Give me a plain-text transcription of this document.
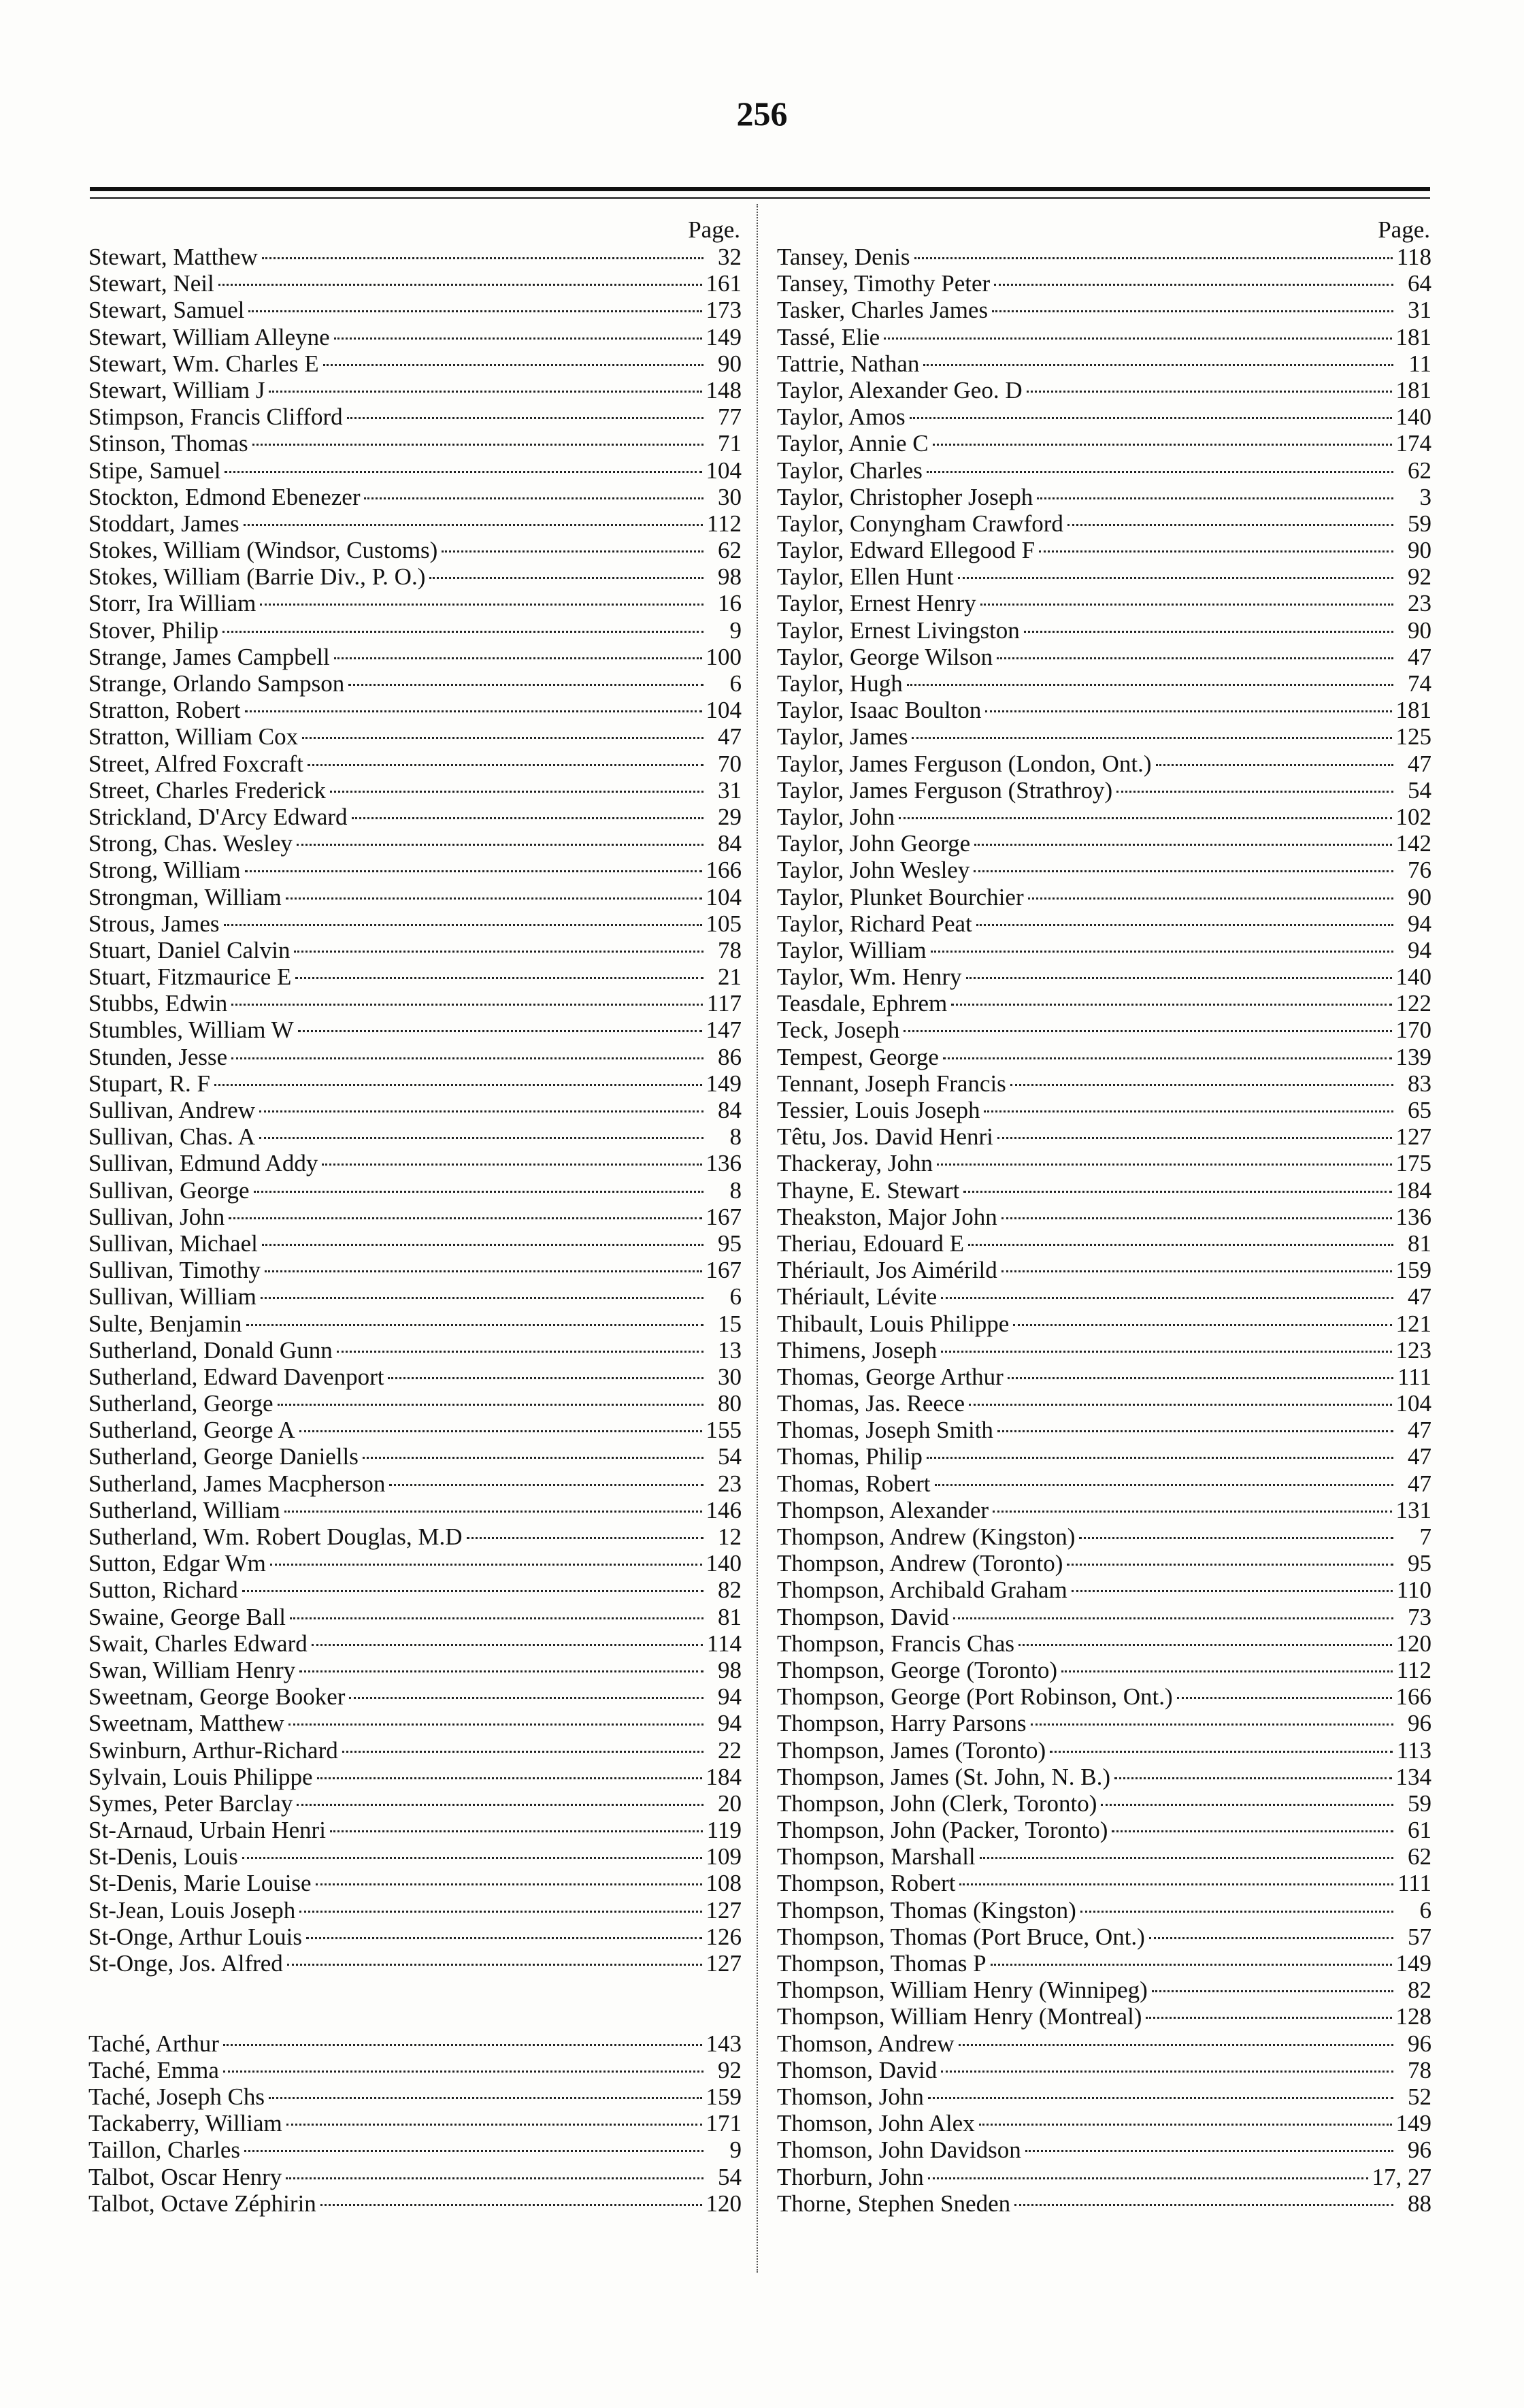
256
Page.
Stewart, Matthew	32
Stewart, Neil	161
Stewart, Samuel	173
Stewart, William Alleyne	149
Stewart, Wm. Charles E	90
Stewart, William J	148
Stimpson, Francis Clifford	77
Stinson, Thomas	71
Stipe, Samuel	104
Stockton, Edmond Ebenezer	30
Stoddart, James	112
Stokes, William (Windsor, Customs)	62
Stokes, William (Barrie Div., P. O.)	98
Storr, Ira William	16
Stover, Philip	9
Strange, James Campbell	100
Strange, Orlando Sampson	6
Stratton, Robert	104
Stratton, William Cox	47
Street, Alfred Foxcraft	70
Street, Charles Frederick	31
Strickland, D'Arcy Edward	29
Strong, Chas. Wesley	84
Strong, William	166
Strongman, William	104
Strous, James	105
Stuart, Daniel Calvin	78
Stuart, Fitzmaurice E	21
Stubbs, Edwin	117
Stumbles, William W	147
Stunden, Jesse	86
Stupart, R. F	149
Sullivan, Andrew	84
Sullivan, Chas. A	8
Sullivan, Edmund Addy	136
Sullivan, George	8
Sullivan, John	167
Sullivan, Michael	95
Sullivan, Timothy	167
Sullivan, William	6
Sulte, Benjamin	15
Sutherland, Donald Gunn	13
Sutherland, Edward Davenport	30
Sutherland, George	80
Sutherland, George A	155
Sutherland, George Daniells	54
Sutherland, James Macpherson	23
Sutherland, William	146
Sutherland, Wm. Robert Douglas, M.D	12
Sutton, Edgar Wm	140
Sutton, Richard	82
Swaine, George Ball	81
Swait, Charles Edward	114
Swan, William Henry	98
Sweetnam, George Booker	94
Sweetnam, Matthew	94
Swinburn, Arthur-Richard	22
Sylvain, Louis Philippe	184
Symes, Peter Barclay	20
St-Arnaud, Urbain Henri	119
St-Denis, Louis	109
St-Denis, Marie Louise	108
St-Jean, Louis Joseph	127
St-Onge, Arthur Louis	126
St-Onge, Jos. Alfred	127
Taché, Arthur	143
Taché, Emma	92
Taché, Joseph Chs	159
Tackaberry, William	171
Taillon, Charles	9
Talbot, Oscar Henry	54
Talbot, Octave Zéphirin	120
Page.
Tansey, Denis	118
Tansey, Timothy Peter	64
Tasker, Charles James	31
Tassé, Elie	181
Tattrie, Nathan	11
Taylor, Alexander Geo. D	181
Taylor, Amos	140
Taylor, Annie C	174
Taylor, Charles	62
Taylor, Christopher Joseph	3
Taylor, Conyngham Crawford	59
Taylor, Edward Ellegood F	90
Taylor, Ellen Hunt	92
Taylor, Ernest Henry	23
Taylor, Ernest Livingston	90
Taylor, George Wilson	47
Taylor, Hugh	74
Taylor, Isaac Boulton	181
Taylor, James	125
Taylor, James Ferguson (London, Ont.)	47
Taylor, James Ferguson (Strathroy)	54
Taylor, John	102
Taylor, John George	142
Taylor, John Wesley	76
Taylor, Plunket Bourchier	90
Taylor, Richard Peat	94
Taylor, William	94
Taylor, Wm. Henry	140
Teasdale, Ephrem	122
Teck, Joseph	170
Tempest, George	139
Tennant, Joseph Francis	83
Tessier, Louis Joseph	65
Têtu, Jos. David Henri	127
Thackeray, John	175
Thayne, E. Stewart	184
Theakston, Major John	136
Theriau, Edouard E	81
Thériault, Jos Aimérild	159
Thériault, Lévite	47
Thibault, Louis Philippe	121
Thimens, Joseph	123
Thomas, George Arthur	111
Thomas, Jas. Reece	104
Thomas, Joseph Smith	47
Thomas, Philip	47
Thomas, Robert	47
Thompson, Alexander	131
Thompson, Andrew (Kingston)	7
Thompson, Andrew (Toronto)	95
Thompson, Archibald Graham	110
Thompson, David	73
Thompson, Francis Chas	120
Thompson, George (Toronto)	112
Thompson, George (Port Robinson, Ont.)	166
Thompson, Harry Parsons	96
Thompson, James (Toronto)	113
Thompson, James (St. John, N. B.)	134
Thompson, John (Clerk, Toronto)	59
Thompson, John (Packer, Toronto)	61
Thompson, Marshall	62
Thompson, Robert	111
Thompson, Thomas (Kingston)	6
Thompson, Thomas (Port Bruce, Ont.)	57
Thompson, Thomas P	149
Thompson, William Henry (Winnipeg)	82
Thompson, William Henry (Montreal)	128
Thomson, Andrew	96
Thomson, David	78
Thomson, John	52
Thomson, John Alex	149
Thomson, John Davidson	96
Thorburn, John	17, 27
Thorne, Stephen Sneden	88
